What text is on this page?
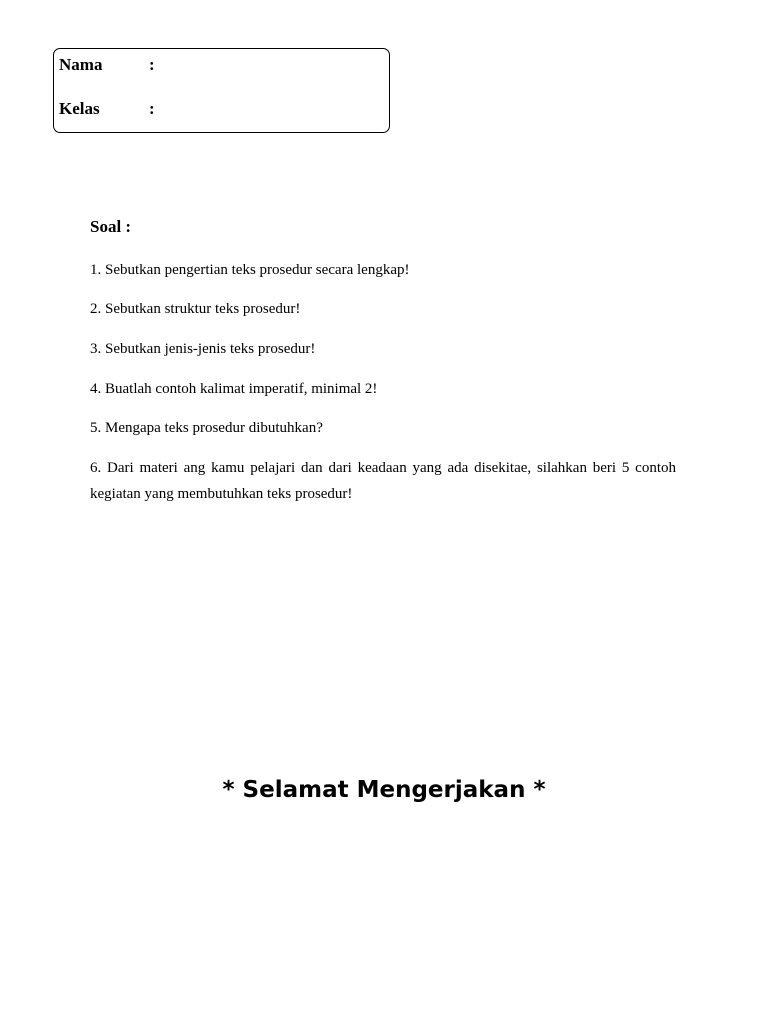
Nama	:
Kelas	:

Soal :

1. Sebutkan pengertian teks prosedur secara lengkap!

2. Sebutkan struktur teks prosedur!

3. Sebutkan jenis-jenis teks prosedur!

4. Buatlah contoh kalimat imperatif, minimal 2!

5. Mengapa teks prosedur dibutuhkan?

6. Dari materi ang kamu pelajari dan dari keadaan yang ada disekitae, silahkan beri 5 contoh kegiatan yang membutuhkan teks prosedur!

* Selamat Mengerjakan *
